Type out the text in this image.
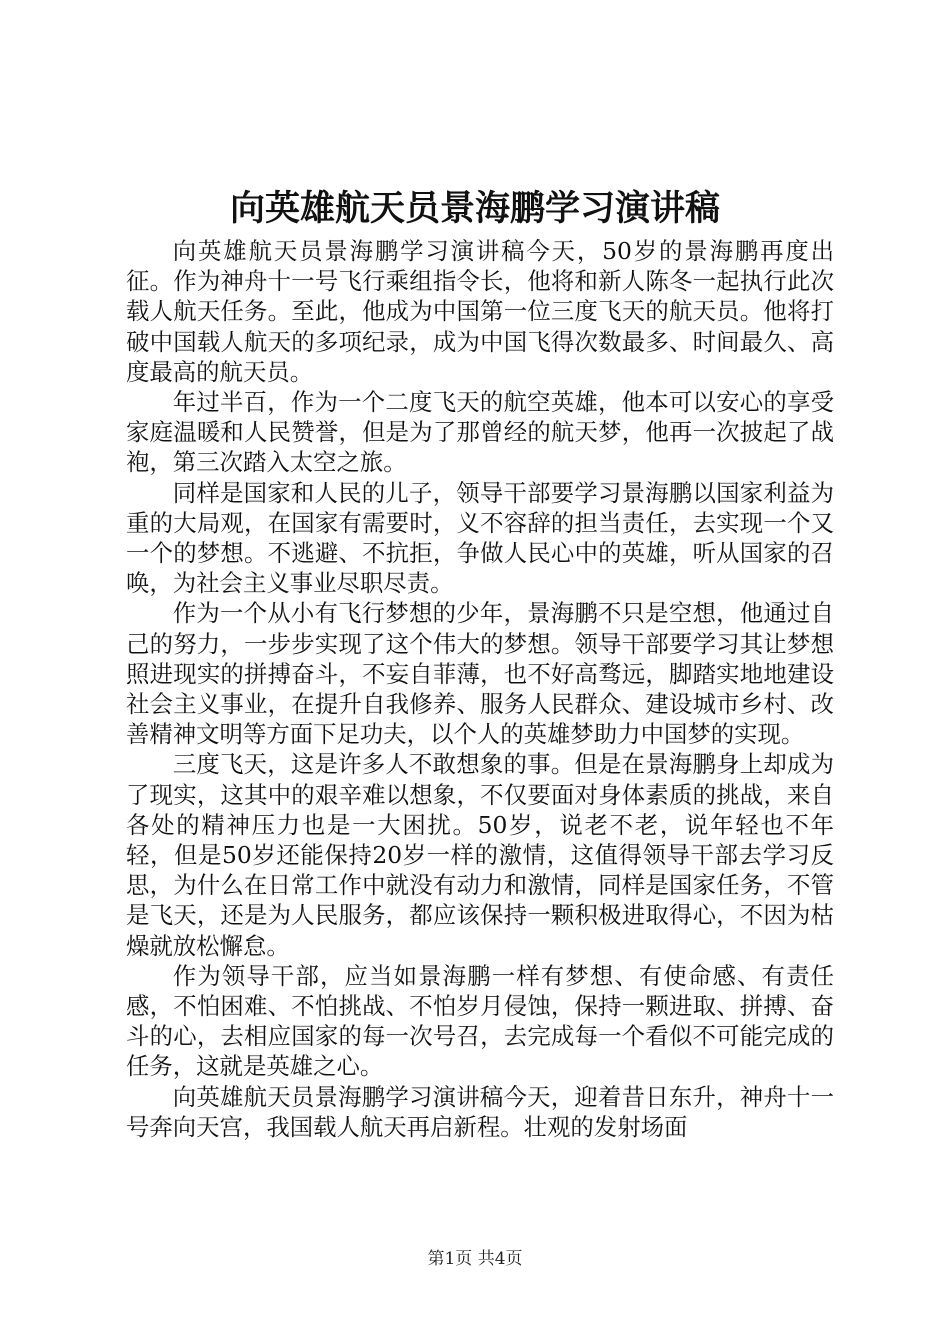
向英雄航天员景海鹏学习演讲稿

向英雄航天员景海鹏学习演讲稿今天，50岁的景海鹏再度出征。作为神舟十一号飞行乘组指令长，他将和新人陈冬一起执行此次载人航天任务。至此，他成为中国第一位三度飞天的航天员。他将打破中国载人航天的多项纪录，成为中国飞得次数最多、时间最久、高度最高的航天员。

年过半百，作为一个二度飞天的航空英雄，他本可以安心的享受家庭温暖和人民赞誉，但是为了那曾经的航天梦，他再一次披起了战袍，第三次踏入太空之旅。

同样是国家和人民的儿子，领导干部要学习景海鹏以国家利益为重的大局观，在国家有需要时，义不容辞的担当责任，去实现一个又一个的梦想。不逃避、不抗拒，争做人民心中的英雄，听从国家的召唤，为社会主义事业尽职尽责。

作为一个从小有飞行梦想的少年，景海鹏不只是空想，他通过自己的努力，一步步实现了这个伟大的梦想。领导干部要学习其让梦想照进现实的拼搏奋斗，不妄自菲薄，也不好高骛远，脚踏实地地建设社会主义事业，在提升自我修养、服务人民群众、建设城市乡村、改善精神文明等方面下足功夫，以个人的英雄梦助力中国梦的实现。

三度飞天，这是许多人不敢想象的事。但是在景海鹏身上却成为了现实，这其中的艰辛难以想象，不仅要面对身体素质的挑战，来自各处的精神压力也是一大困扰。50岁，说老不老，说年轻也不年轻，但是50岁还能保持20岁一样的激情，这值得领导干部去学习反思，为什么在日常工作中就没有动力和激情，同样是国家任务，不管是飞天，还是为人民服务，都应该保持一颗积极进取得心，不因为枯燥就放松懈怠。

作为领导干部，应当如景海鹏一样有梦想、有使命感、有责任感，不怕困难、不怕挑战、不怕岁月侵蚀，保持一颗进取、拼搏、奋斗的心，去相应国家的每一次号召，去完成每一个看似不可能完成的任务，这就是英雄之心。

向英雄航天员景海鹏学习演讲稿今天，迎着昔日东升，神舟十一号奔向天宫，我国载人航天再启新程。壮观的发射场面

第1页 共4页
